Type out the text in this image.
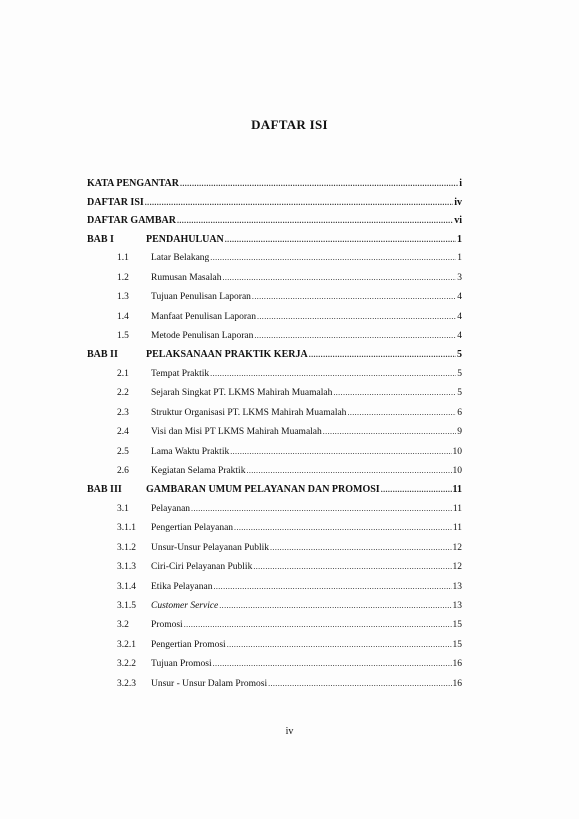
DAFTAR ISI
KATA PENGANTAR .....	i
DAFTAR ISI .....	iv
DAFTAR GAMBAR .....	vi
BAB I	PENDAHULUAN .....	1
1.1	Latar Belakang .....	1
1.2	Rumusan Masalah .....	3
1.3	Tujuan Penulisan Laporan .....	4
1.4	Manfaat Penulisan Laporan .....	4
1.5	Metode Penulisan Laporan .....	4
BAB II	PELAKSANAAN PRAKTIK KERJA .....	5
2.1	Tempat Praktik .....	5
2.2	Sejarah Singkat PT. LKMS Mahirah Muamalah .....	5
2.3	Struktur Organisasi PT. LKMS Mahirah Muamalah .....	6
2.4	Visi dan Misi PT LKMS Mahirah Muamalah .....	9
2.5	Lama Waktu Praktik .....	10
2.6	Kegiatan Selama Praktik .....	10
BAB III	GAMBARAN UMUM PELAYANAN DAN PROMOSI .....	11
3.1	Pelayanan .....	11
3.1.1	Pengertian Pelayanan .....	11
3.1.2	Unsur-Unsur Pelayanan Publik .....	12
3.1.3	Ciri-Ciri Pelayanan Publik .....	12
3.1.4	Etika Pelayanan .....	13
3.1.5	Customer Service .....	13
3.2	Promosi .....	15
3.2.1	Pengertian Promosi .....	15
3.2.2	Tujuan Promosi .....	16
3.2.3	Unsur - Unsur Dalam Promosi .....	16
iv
